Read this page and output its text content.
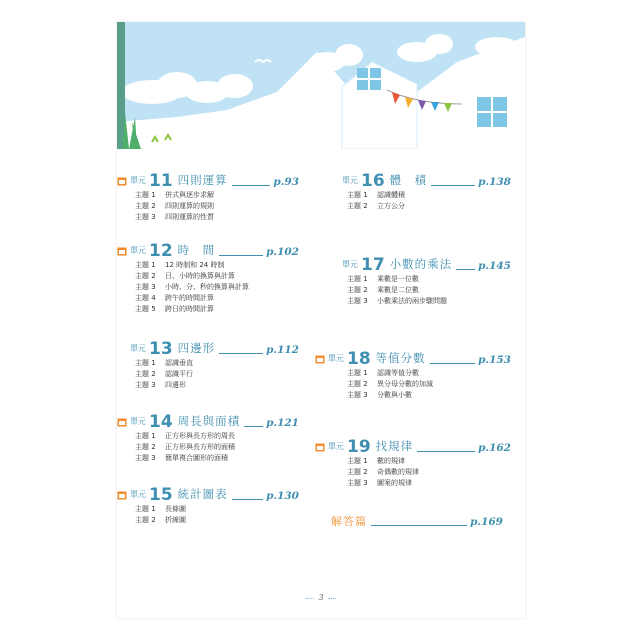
單元 11 四則運算	p.93
主題 1 併式與逐步求解
主題 2 四則運算的規則
主題 3 四則運算的性質
單元 12 時　間	p.102
主題 1 12 時制和 24 時制
主題 2 日、小時的換算與計算
主題 3 小時、分、秒的換算與計算
主題 4 跨午的時間計算
主題 5 跨日的時間計算
單元 13 四邊形	p.112
主題 1 認識垂直
主題 2 認識平行
主題 3 四邊形
單元 14 周長與面積 p.121
主題 1 正方形與長方形的周長
主題 2 正方形與長方形的面積
主題 3 簡單複合圖形的面積
單元 15 統計圖表	p.130
主題 1 長條圖
主題 2 折線圖
單元 16 體　積	p.138
主題 1 認識體積
主題 2 立方公分
單元 17 小數的乘法 p.145
主題 1 乘數是一位數
主題 2 乘數是二位數
主題 3 小數乘法的兩步驟問題
單元 18 等值分數	p.153
主題 1 認識等值分數
主題 2 異分母分數的加減
主題 3 分數與小數
單元 19 找規律	p.162
主題 1 數的規律
主題 2 奇偶數的規律
主題 3 圖案的規律
解答篇	p.169
3
